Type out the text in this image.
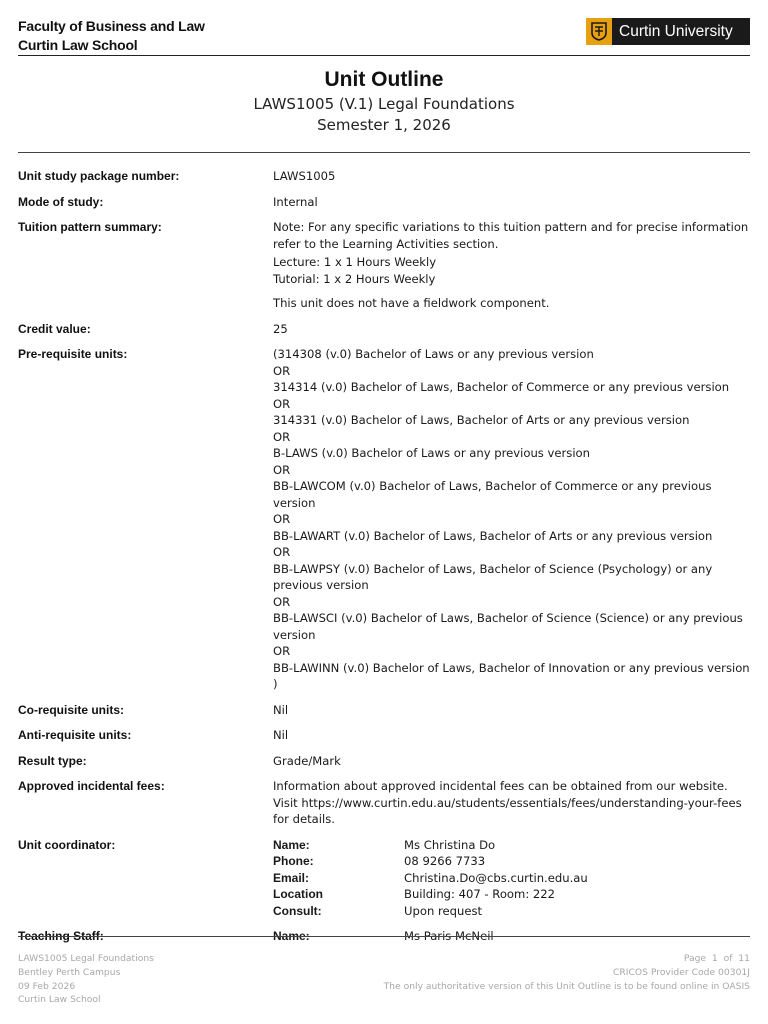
Faculty of Business and Law
Curtin Law School
Curtin University
Unit Outline
LAWS1005 (V.1) Legal Foundations
Semester 1, 2026
Unit study package number:	LAWS1005
Mode of study:	Internal
Tuition pattern summary:	Note: For any specific variations to this tuition pattern and for precise information refer to the Learning Activities section.

Lecture: 1 x 1 Hours Weekly

Tutorial: 1 x 2 Hours Weekly

This unit does not have a fieldwork component.

Credit value:	25
Pre-requisite units:	(314308 (v.0) Bachelor of Laws or any previous version

OR

314314 (v.0) Bachelor of Laws, Bachelor of Commerce or any previous version

OR

314331 (v.0) Bachelor of Laws, Bachelor of Arts or any previous version

OR

B-LAWS (v.0) Bachelor of Laws or any previous version

OR

BB-LAWCOM (v.0) Bachelor of Laws, Bachelor of Commerce or any previous version

OR

BB-LAWART (v.0) Bachelor of Laws, Bachelor of Arts or any previous version

OR

BB-LAWPSY (v.0) Bachelor of Laws, Bachelor of Science (Psychology) or any previous version

OR

BB-LAWSCI (v.0) Bachelor of Laws, Bachelor of Science (Science) or any previous version

OR

BB-LAWINN (v.0) Bachelor of Laws, Bachelor of Innovation or any previous version )

Co-requisite units:	Nil
Anti-requisite units:	Nil
Result type:	Grade/Mark
Approved incidental fees:	Information about approved incidental fees can be obtained from our website. Visit https://www.curtin.edu.au/students/essentials/fees/understanding-your-fees for details.
Unit coordinator:	Name:	Ms Christina Do
Phone:	08 9266 7733
Email:	Christina.Do@cbs.curtin.edu.au
Location	Building: 407 - Room: 222
Consult:	Upon request
Teaching Staff:	Name:	Ms Paris McNeil
LAWS1005 Legal Foundations
Bentley Perth Campus
09 Feb 2026
Curtin Law School
Page  1  of  11
CRICOS Provider Code 00301J
The only authoritative version of this Unit Outline is to be found online in OASIS
